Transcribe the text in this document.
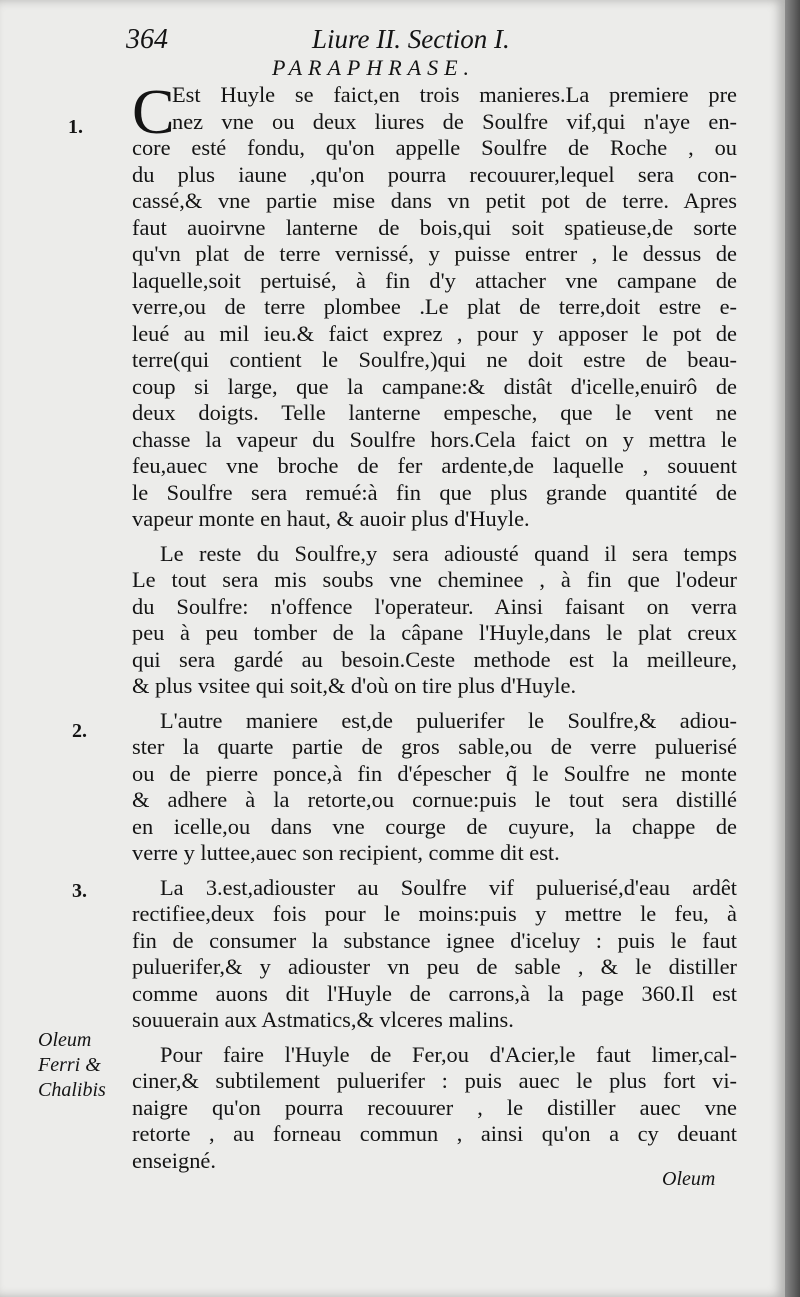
364	Liure II. Section I.
PARAPHRASE.
1.
2.
3.
Oleum
Ferri &
Chalibis
C
Est Huyle se faict,en trois manieres.La premiere pre
nez vne ou deux liures de Soulfre vif,qui n'aye en-
core esté fondu, qu'on appelle Soulfre de Roche , ou
du plus iaune ,qu'on pourra recouurer,lequel sera con-
cassé,& vne partie mise dans vn petit pot de terre. Apres
faut auoirvne lanterne de bois,qui soit spatieuse,de sorte
qu'vn plat de terre vernissé, y puisse entrer , le dessus de
laquelle,soit pertuisé, à fin d'y attacher vne campane de
verre,ou de terre plombee .Le plat de terre,doit estre e-
leué au mil ieu.& faict exprez , pour y apposer le pot de
terre(qui contient le Soulfre,)qui ne doit estre de beau-
coup si large, que la campane:& distât d'icelle,enuirô de
deux doigts. Telle lanterne empesche, que le vent ne
chasse la vapeur du Soulfre hors.Cela faict on y mettra le
feu,auec vne broche de fer ardente,de laquelle , souuent
le Soulfre sera remué:à fin que plus grande quantité de
vapeur monte en haut, & auoir plus d'Huyle.
Le reste du Soulfre,y sera adiousté quand il sera temps
Le tout sera mis soubs vne cheminee , à fin que l'odeur
du Soulfre: n'offence l'operateur. Ainsi faisant on verra
peu à peu tomber de la câpane l'Huyle,dans le plat creux
qui sera gardé au besoin.Ceste methode est la meilleure,
& plus vsitee qui soit,& d'où on tire plus d'Huyle.
L'autre maniere est,de puluerifer le Soulfre,& adiou-
ster la quarte partie de gros sable,ou de verre puluerisé
ou de pierre ponce,à fin d'épescher q̃ le Soulfre ne monte
& adhere à la retorte,ou cornue:puis le tout sera distillé
en icelle,ou dans vne courge de cuyure, la chappe de
verre y luttee,auec son recipient, comme dit est.
La 3.est,adiouster au Soulfre vif puluerisé,d'eau ardêt
rectifiee,deux fois pour le moins:puis y mettre le feu, à
fin de consumer la substance ignee d'iceluy : puis le faut
puluerifer,& y adiouster vn peu de sable , & le distiller
comme auons dit l'Huyle de carrons,à la page 360.Il est
souuerain aux Astmatics,& vlceres malins.
Pour faire l'Huyle de Fer,ou d'Acier,le faut limer,cal-
ciner,& subtilement puluerifer : puis auec le plus fort vi-
naigre qu'on pourra recouurer , le distiller auec vne
retorte , au forneau commun , ainsi qu'on a cy deuant
enseigné.
Oleum
